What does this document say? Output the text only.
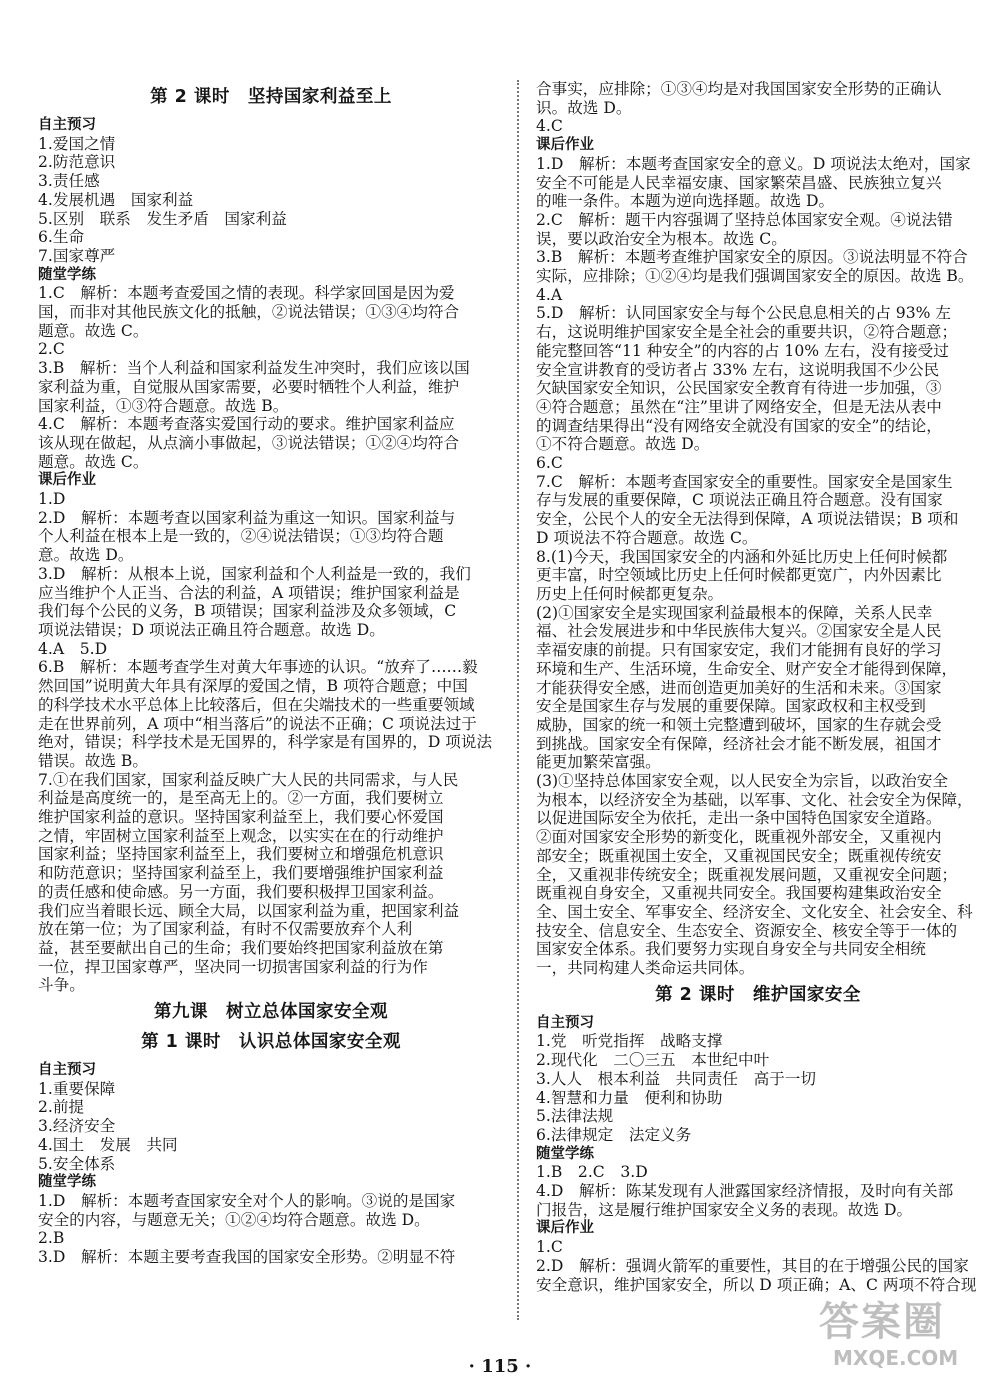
第 2 课时　坚持国家利益至上
自主预习
1.爱国之情
2.防范意识
3.责任感
4.发展机遇　国家利益
5.区别　联系　发生矛盾　国家利益
6.生命
7.国家尊严
随堂学练
1.C　解析：本题考查爱国之情的表现。科学家回国是因为爱
国，而非对其他民族文化的抵触，②说法错误；①③④均符合
题意。故选 C。
2.C
3.B　解析：当个人利益和国家利益发生冲突时，我们应该以国
家利益为重，自觉服从国家需要，必要时牺牲个人利益，维护
国家利益，①③符合题意。故选 B。
4.C　解析：本题考查落实爱国行动的要求。维护国家利益应
该从现在做起，从点滴小事做起，③说法错误；①②④均符合
题意。故选 C。
课后作业
1.D
2.D　解析：本题考查以国家利益为重这一知识。国家利益与
个人利益在根本上是一致的，②④说法错误；①③均符合题
意。故选 D。
3.D　解析：从根本上说，国家利益和个人利益是一致的，我们
应当维护个人正当、合法的利益，A 项错误；维护国家利益是
我们每个公民的义务，B 项错误；国家利益涉及众多领域，C
项说法错误；D 项说法正确且符合题意。故选 D。
4.A　5.D
6.B　解析：本题考查学生对黄大年事迹的认识。“放弃了……毅
然回国”说明黄大年具有深厚的爱国之情，B 项符合题意；中国
的科学技术水平总体上比较落后，但在尖端技术的一些重要领域
走在世界前列，A 项中“相当落后”的说法不正确；C 项说法过于
绝对，错误；科学技术是无国界的，科学家是有国界的，D 项说法
错误。故选 B。
7.①在我们国家，国家利益反映广大人民的共同需求，与人民
利益是高度统一的，是至高无上的。②一方面，我们要树立
维护国家利益的意识。坚持国家利益至上，我们要心怀爱国
之情，牢固树立国家利益至上观念，以实实在在的行动维护
国家利益；坚持国家利益至上，我们要树立和增强危机意识
和防范意识；坚持国家利益至上，我们要增强维护国家利益
的责任感和使命感。另一方面，我们要积极捍卫国家利益。
我们应当着眼长远、顾全大局，以国家利益为重，把国家利益
放在第一位；为了国家利益，有时不仅需要放弃个人利
益，甚至要献出自己的生命；我们要始终把国家利益放在第
一位，捍卫国家尊严，坚决同一切损害国家利益的行为作
斗争。
第九课　树立总体国家安全观
第 1 课时　认识总体国家安全观
自主预习
1.重要保障
2.前提
3.经济安全
4.国土　发展　共同
5.安全体系
随堂学练
1.D　解析：本题考查国家安全对个人的影响。③说的是国家
安全的内容，与题意无关；①②④均符合题意。故选 D。
2.B
3.D　解析：本题主要考查我国的国家安全形势。②明显不符
合事实，应排除；①③④均是对我国国家安全形势的正确认
识。故选 D。
4.C
课后作业
1.D　解析：本题考查国家安全的意义。D 项说法太绝对，国家
安全不可能是人民幸福安康、国家繁荣昌盛、民族独立复兴
的唯一条件。本题为逆向选择题。故选 D。
2.C　解析：题干内容强调了坚持总体国家安全观。④说法错
误，要以政治安全为根本。故选 C。
3.B　解析：本题考查维护国家安全的原因。③说法明显不符合
实际，应排除；①②④均是我们强调国家安全的原因。故选 B。
4.A
5.D　解析：认同国家安全与每个公民息息相关的占 93% 左
右，这说明维护国家安全是全社会的重要共识，②符合题意；
能完整回答“11 种安全”的内容的占 10% 左右，没有接受过
安全宣讲教育的受访者占 33% 左右，这说明我国不少公民
欠缺国家安全知识，公民国家安全教育有待进一步加强，③
④符合题意；虽然在“注”里讲了网络安全，但是无法从表中
的调查结果得出“没有网络安全就没有国家的安全”的结论，
①不符合题意。故选 D。
6.C
7.C　解析：本题考查国家安全的重要性。国家安全是国家生
存与发展的重要保障，C 项说法正确且符合题意。没有国家
安全，公民个人的安全无法得到保障，A 项说法错误；B 项和
D 项说法不符合题意。故选 C。
8.(1)今天，我国国家安全的内涵和外延比历史上任何时候都
更丰富，时空领域比历史上任何时候都更宽广，内外因素比
历史上任何时候都更复杂。
(2)①国家安全是实现国家利益最根本的保障，关系人民幸
福、社会发展进步和中华民族伟大复兴。②国家安全是人民
幸福安康的前提。只有国家安定，我们才能拥有良好的学习
环境和生产、生活环境，生命安全、财产安全才能得到保障，
才能获得安全感，进而创造更加美好的生活和未来。③国家
安全是国家生存与发展的重要保障。国家政权和主权受到
威胁，国家的统一和领土完整遭到破坏，国家的生存就会受
到挑战。国家安全有保障，经济社会才能不断发展，祖国才
能更加繁荣富强。
(3)①坚持总体国家安全观，以人民安全为宗旨，以政治安全
为根本，以经济安全为基础，以军事、文化、社会安全为保障，
以促进国际安全为依托，走出一条中国特色国家安全道路。
②面对国家安全形势的新变化，既重视外部安全，又重视内
部安全；既重视国土安全，又重视国民安全；既重视传统安
全，又重视非传统安全；既重视发展问题，又重视安全问题；
既重视自身安全，又重视共同安全。我国要构建集政治安全
全、国土安全、军事安全、经济安全、文化安全、社会安全、科
技安全、信息安全、生态安全、资源安全、核安全等于一体的
国家安全体系。我们要努力实现自身安全与共同安全相统
一，共同构建人类命运共同体。
第 2 课时　维护国家安全
自主预习
1.党　听党指挥　战略支撑
2.现代化　二〇三五　本世纪中叶
3.人人　根本利益　共同责任　高于一切
4.智慧和力量　便利和协助
5.法律法规
6.法律规定　法定义务
随堂学练
1.B　2.C　3.D
4.D　解析：陈某发现有人泄露国家经济情报，及时向有关部
门报告，这是履行维护国家安全义务的表现。故选 D。
课后作业
1.C
2.D　解析：强调火箭军的重要性，其目的在于增强公民的国家
安全意识，维护国家安全，所以 D 项正确；A、C 两项不符合现
· 115 ·
答案圈
MXQE.COM
